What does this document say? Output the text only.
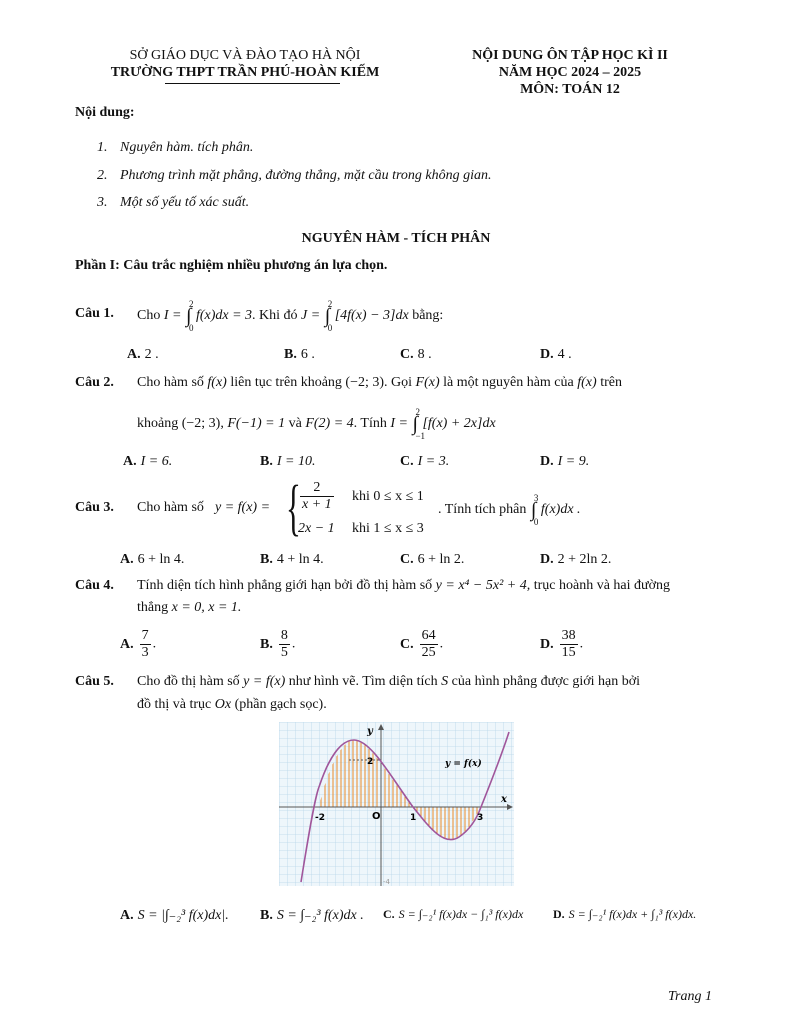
SỞ GIÁO DỤC VÀ ĐÀO TẠO HÀ NỘI
TRƯỜNG THPT TRẦN PHÚ-HOÀN KIẾM
NỘI DUNG ÔN TẬP HỌC KÌ II
NĂM HỌC 2024 – 2025
MÔN: TOÁN 12
Nội dung:
1. Nguyên hàm. tích phân.
2. Phương trình mặt phẳng, đường thẳng, mặt cầu trong không gian.
3. Một số yếu tố xác suất.
NGUYÊN HÀM - TÍCH PHÂN
Phần I: Câu trắc nghiệm nhiều phương án lựa chọn.
Câu 1. Cho I = ∫
2
0
f(x)dx = 3. Khi đó J = ∫
2
0
[4f(x) − 3]dx bằng:
A. 2 .	B. 6 .	C. 8 .	D. 4 .
Câu 2. Cho hàm số f(x) liên tục trên khoảng (−2; 3). Gọi F(x) là một nguyên hàm của f(x) trên
khoảng (−2; 3), F(−1) = 1 và F(2) = 4. Tính I = ∫
2
−1
[f(x) + 2x]dx
A. I = 6.	B. I = 10.	C. I = 3.	D. I = 9.
Câu 3. Cho hàm số y = f(x) = { $\frac{2}{x + 1}$ khi 0 ≤ x ≤ 1
2x − 1 khi 1 ≤ x ≤ 3
. Tính tích phân ∫
3
0
f(x)dx .
A. 6 + ln 4.	B. 4 + ln 4.	C. 6 + ln 2.	D. 2 + 2ln 2.
Câu 4. Tính diện tích hình phẳng giới hạn bởi đồ thị hàm số y = x⁴ − 5x² + 4, trục hoành và hai đường
thẳng x = 0, x = 1.
A. $\frac{7}{3}$ .	B. $\frac{8}{5}$ .	C. $\frac{64}{25}$ .	D. $\frac{38}{15}$ .
Câu 5. Cho đồ thị hàm số y = f(x) như hình vẽ. Tìm diện tích S của hình phẳng được giới hạn bởi
đồ thị và trục Ox (phần gạch sọc).
y
x
O
y = f(x)
-2	1	3
2
-4
A. S = |∫₋₂³ f(x)dx|. B. S = ∫₋₂³ f(x)dx . C. S = ∫₋₂¹ f(x)dx − ∫₁³ f(x)dx D. S = ∫₋₂¹ f(x)dx + ∫₁³ f(x)dx.
Trang 1
